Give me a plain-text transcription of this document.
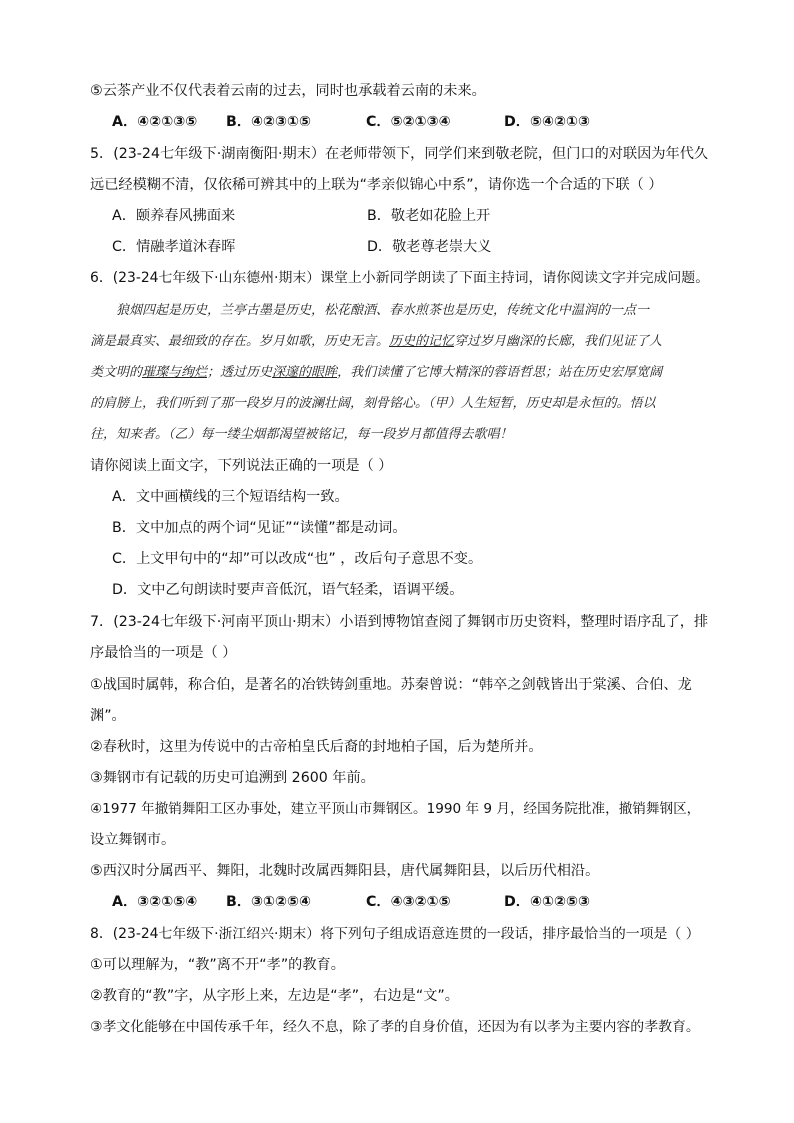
⑤云茶产业不仅代表着云南的过去，同时也承载着云南的未来。
A．④②①③⑤ B．④②③①⑤	C．⑤②①③④	D．⑤④②①③
5．(23-24七年级下·湖南衡阳·期末）在老师带领下，同学们来到敬老院，但门口的对联因为年代久
远已经模糊不清，仅依稀可辨其中的上联为“孝亲似锦心中系”，请你选一个合适的下联（ ）
A．颐养春风拂面来	B．敬老如花脸上开
C．情融孝道沐春晖	D．敬老尊老崇大义
6．(23-24七年级下·山东德州·期末）课堂上小新同学朗读了下面主持词，请你阅读文字并完成问题。
狼烟四起是历史，兰亭古墨是历史，松花酿酒、春水煎茶也是历史，传统文化中温润的一点一
滴是最真实、最细致的存在。岁月如歌，历史无言。历史的记忆穿过岁月幽深的长廊，我们见证了人
类文明的璀璨与绚烂；透过历史深邃的眼眸，我们读懂了它博大精深的蓉语哲思；站在历史宏厚宽阔
的肩膀上，我们听到了那一段岁月的波澜壮阔，刻骨铭心。（甲）人生短暂，历史却是永恒的。悟以
往，知来者。（乙）每一缕尘烟都渴望被铭记，每一段岁月都值得去歌唱！
请你阅读上面文字，下列说法正确的一项是（ ）
A．文中画横线的三个短语结构一致。
B．文中加点的两个词“见证”“读懂”都是动词。
C．上文甲句中的“却”可以改成“也” ，改后句子意思不变。
D．文中乙句朗读时要声音低沉，语气轻柔，语调平缓。
7．(23-24七年级下·河南平顶山·期末）小语到博物馆查阅了舞钢市历史资料，整理时语序乱了，排
序最恰当的一项是（ ）
①战国时属韩，称合伯，是著名的冶铁铸剑重地。苏秦曾说：“韩卒之剑戟皆出于棠溪、合伯、龙
渊”。
②春秋时，这里为传说中的古帝柏皇氏后裔的封地柏子国，后为楚所并。
③舞钢市有记载的历史可追溯到 2600 年前。
④1977 年撤销舞阳工区办事处，建立平顶山市舞钢区。1990 年 9 月，经国务院批准，撤销舞钢区，
设立舞钢市。
⑤西汉时分属西平、舞阳，北魏时改属西舞阳县，唐代属舞阳县，以后历代相沿。
A．③②①⑤④ B．③①②⑤④	C．④③②①⑤	D．④①②⑤③
8．(23-24七年级下·浙江绍兴·期末）将下列句子组成语意连贯的一段话，排序最恰当的一项是（ ）
①可以理解为，“教”离不开“孝”的教育。
②教育的“教”字，从字形上来，左边是“孝”，右边是“文”。
③孝文化能够在中国传承千年，经久不息，除了孝的自身价值，还因为有以孝为主要内容的孝教育。
